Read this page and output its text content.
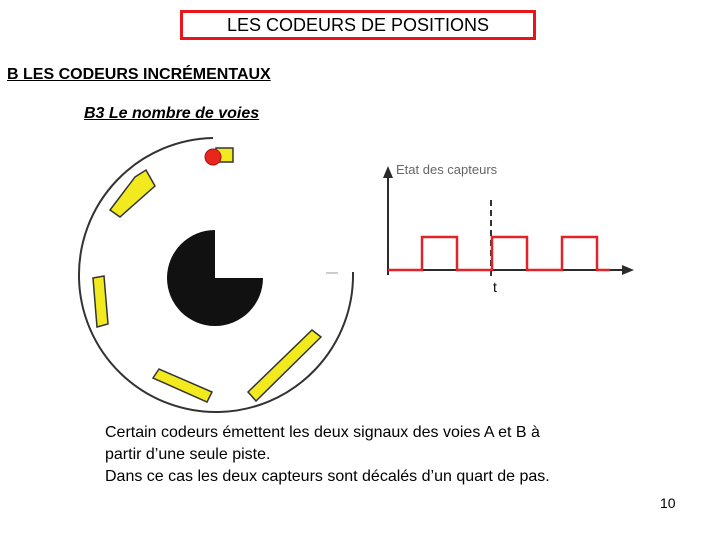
LES CODEURS DE POSITIONS
B LES CODEURS INCRÉMENTAUX
B3 Le nombre de voies
Etat des capteurs
t
Certain codeurs émettent les deux signaux des voies A et B à
partir d’une seule piste.
Dans ce cas les deux capteurs sont décalés d’un quart de pas.
10
